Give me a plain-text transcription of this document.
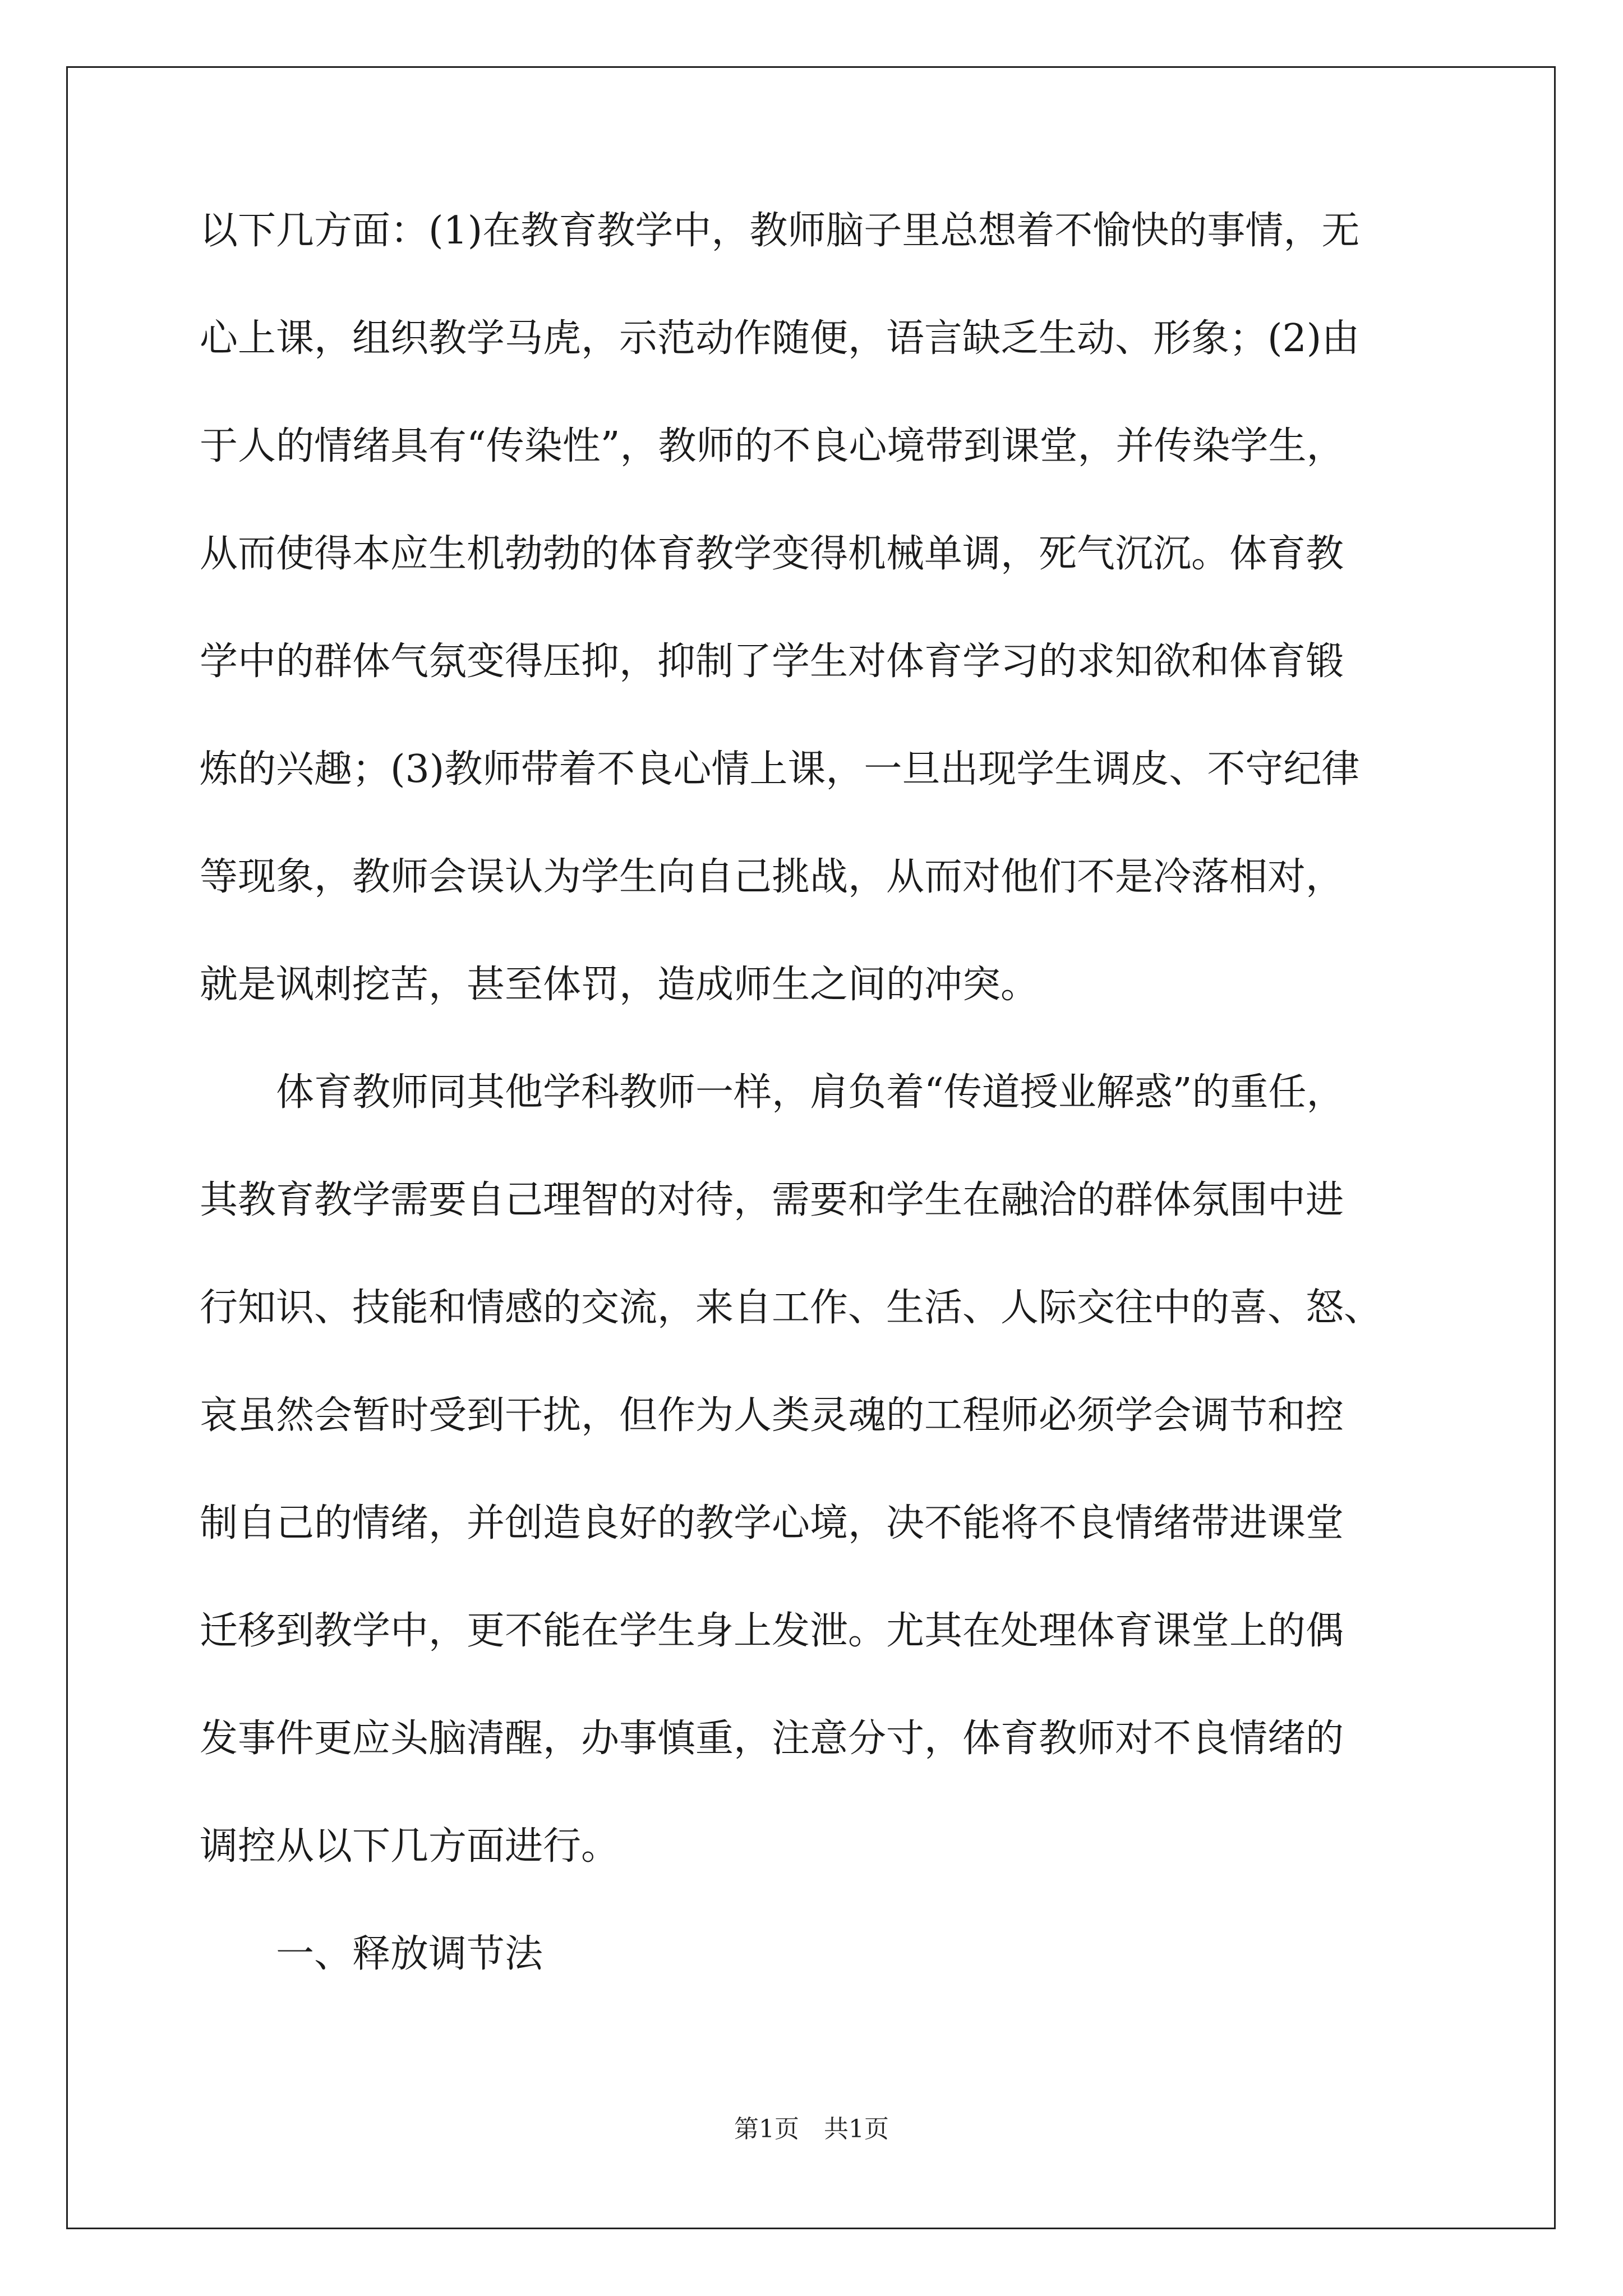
以下几方面：(1)在教育教学中，教师脑子里总想着不愉快的事情，无
心上课，组织教学马虎，示范动作随便，语言缺乏生动、形象；(2)由
于人的情绪具有“传染性”，教师的不良心境带到课堂，并传染学生，
从而使得本应生机勃勃的体育教学变得机械单调，死气沉沉。体育教
学中的群体气氛变得压抑，抑制了学生对体育学习的求知欲和体育锻
炼的兴趣；(3)教师带着不良心情上课，一旦出现学生调皮、不守纪律
等现象，教师会误认为学生向自己挑战，从而对他们不是冷落相对，
就是讽刺挖苦，甚至体罚，造成师生之间的冲突。
体育教师同其他学科教师一样，肩负着“传道授业解惑”的重任，
其教育教学需要自己理智的对待，需要和学生在融洽的群体氛围中进
行知识、技能和情感的交流，来自工作、生活、人际交往中的喜、怒、
哀虽然会暂时受到干扰，但作为人类灵魂的工程师必须学会调节和控
制自己的情绪，并创造良好的教学心境，决不能将不良情绪带进课堂
迁移到教学中，更不能在学生身上发泄。尤其在处理体育课堂上的偶
发事件更应头脑清醒，办事慎重，注意分寸，体育教师对不良情绪的
调控从以下几方面进行。
一、释放调节法
第1页　共1页
